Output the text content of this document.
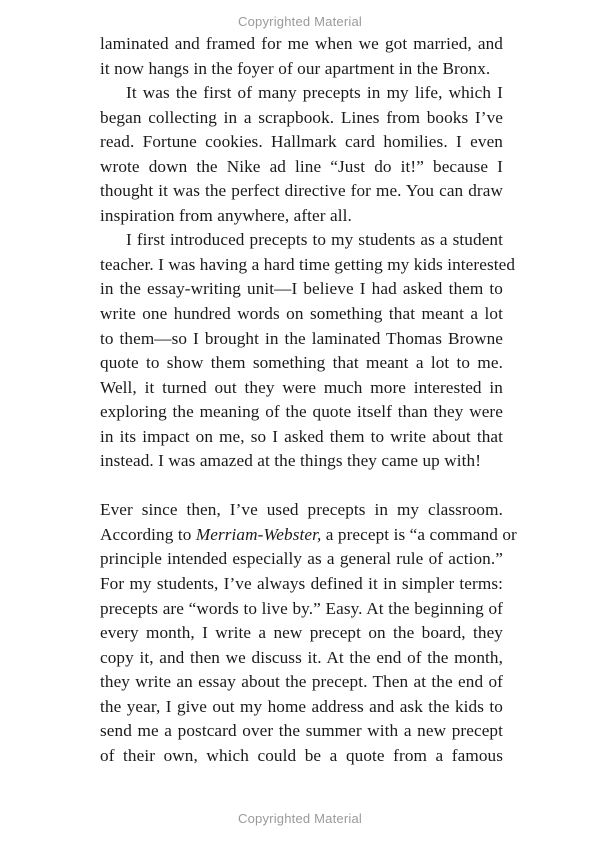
Copyrighted Material
laminated and framed for me when we got married, and
it now hangs in the foyer of our apartment in the Bronx.
It was the first of many precepts in my life, which I
began collecting in a scrapbook. Lines from books I’ve
read. Fortune cookies. Hallmark card homilies. I even
wrote down the Nike ad line “Just do it!” because I
thought it was the perfect directive for me. You can draw
inspiration from anywhere, after all.
I first introduced precepts to my students as a student
teacher. I was having a hard time getting my kids interested
in the essay-writing unit—I believe I had asked them to
write one hundred words on something that meant a lot
to them—so I brought in the laminated Thomas Browne
quote to show them something that meant a lot to me.
Well, it turned out they were much more interested in
exploring the meaning of the quote itself than they were
in its impact on me, so I asked them to write about that
instead. I was amazed at the things they came up with!
Ever since then, I’ve used precepts in my classroom.
According to Merriam-Webster, a precept is “a command or
principle intended especially as a general rule of action.”
For my students, I’ve always defined it in simpler terms:
precepts are “words to live by.” Easy. At the beginning of
every month, I write a new precept on the board, they
copy it, and then we discuss it. At the end of the month,
they write an essay about the precept. Then at the end of
the year, I give out my home address and ask the kids to
send me a postcard over the summer with a new precept
of their own, which could be a quote from a famous
Copyrighted Material
